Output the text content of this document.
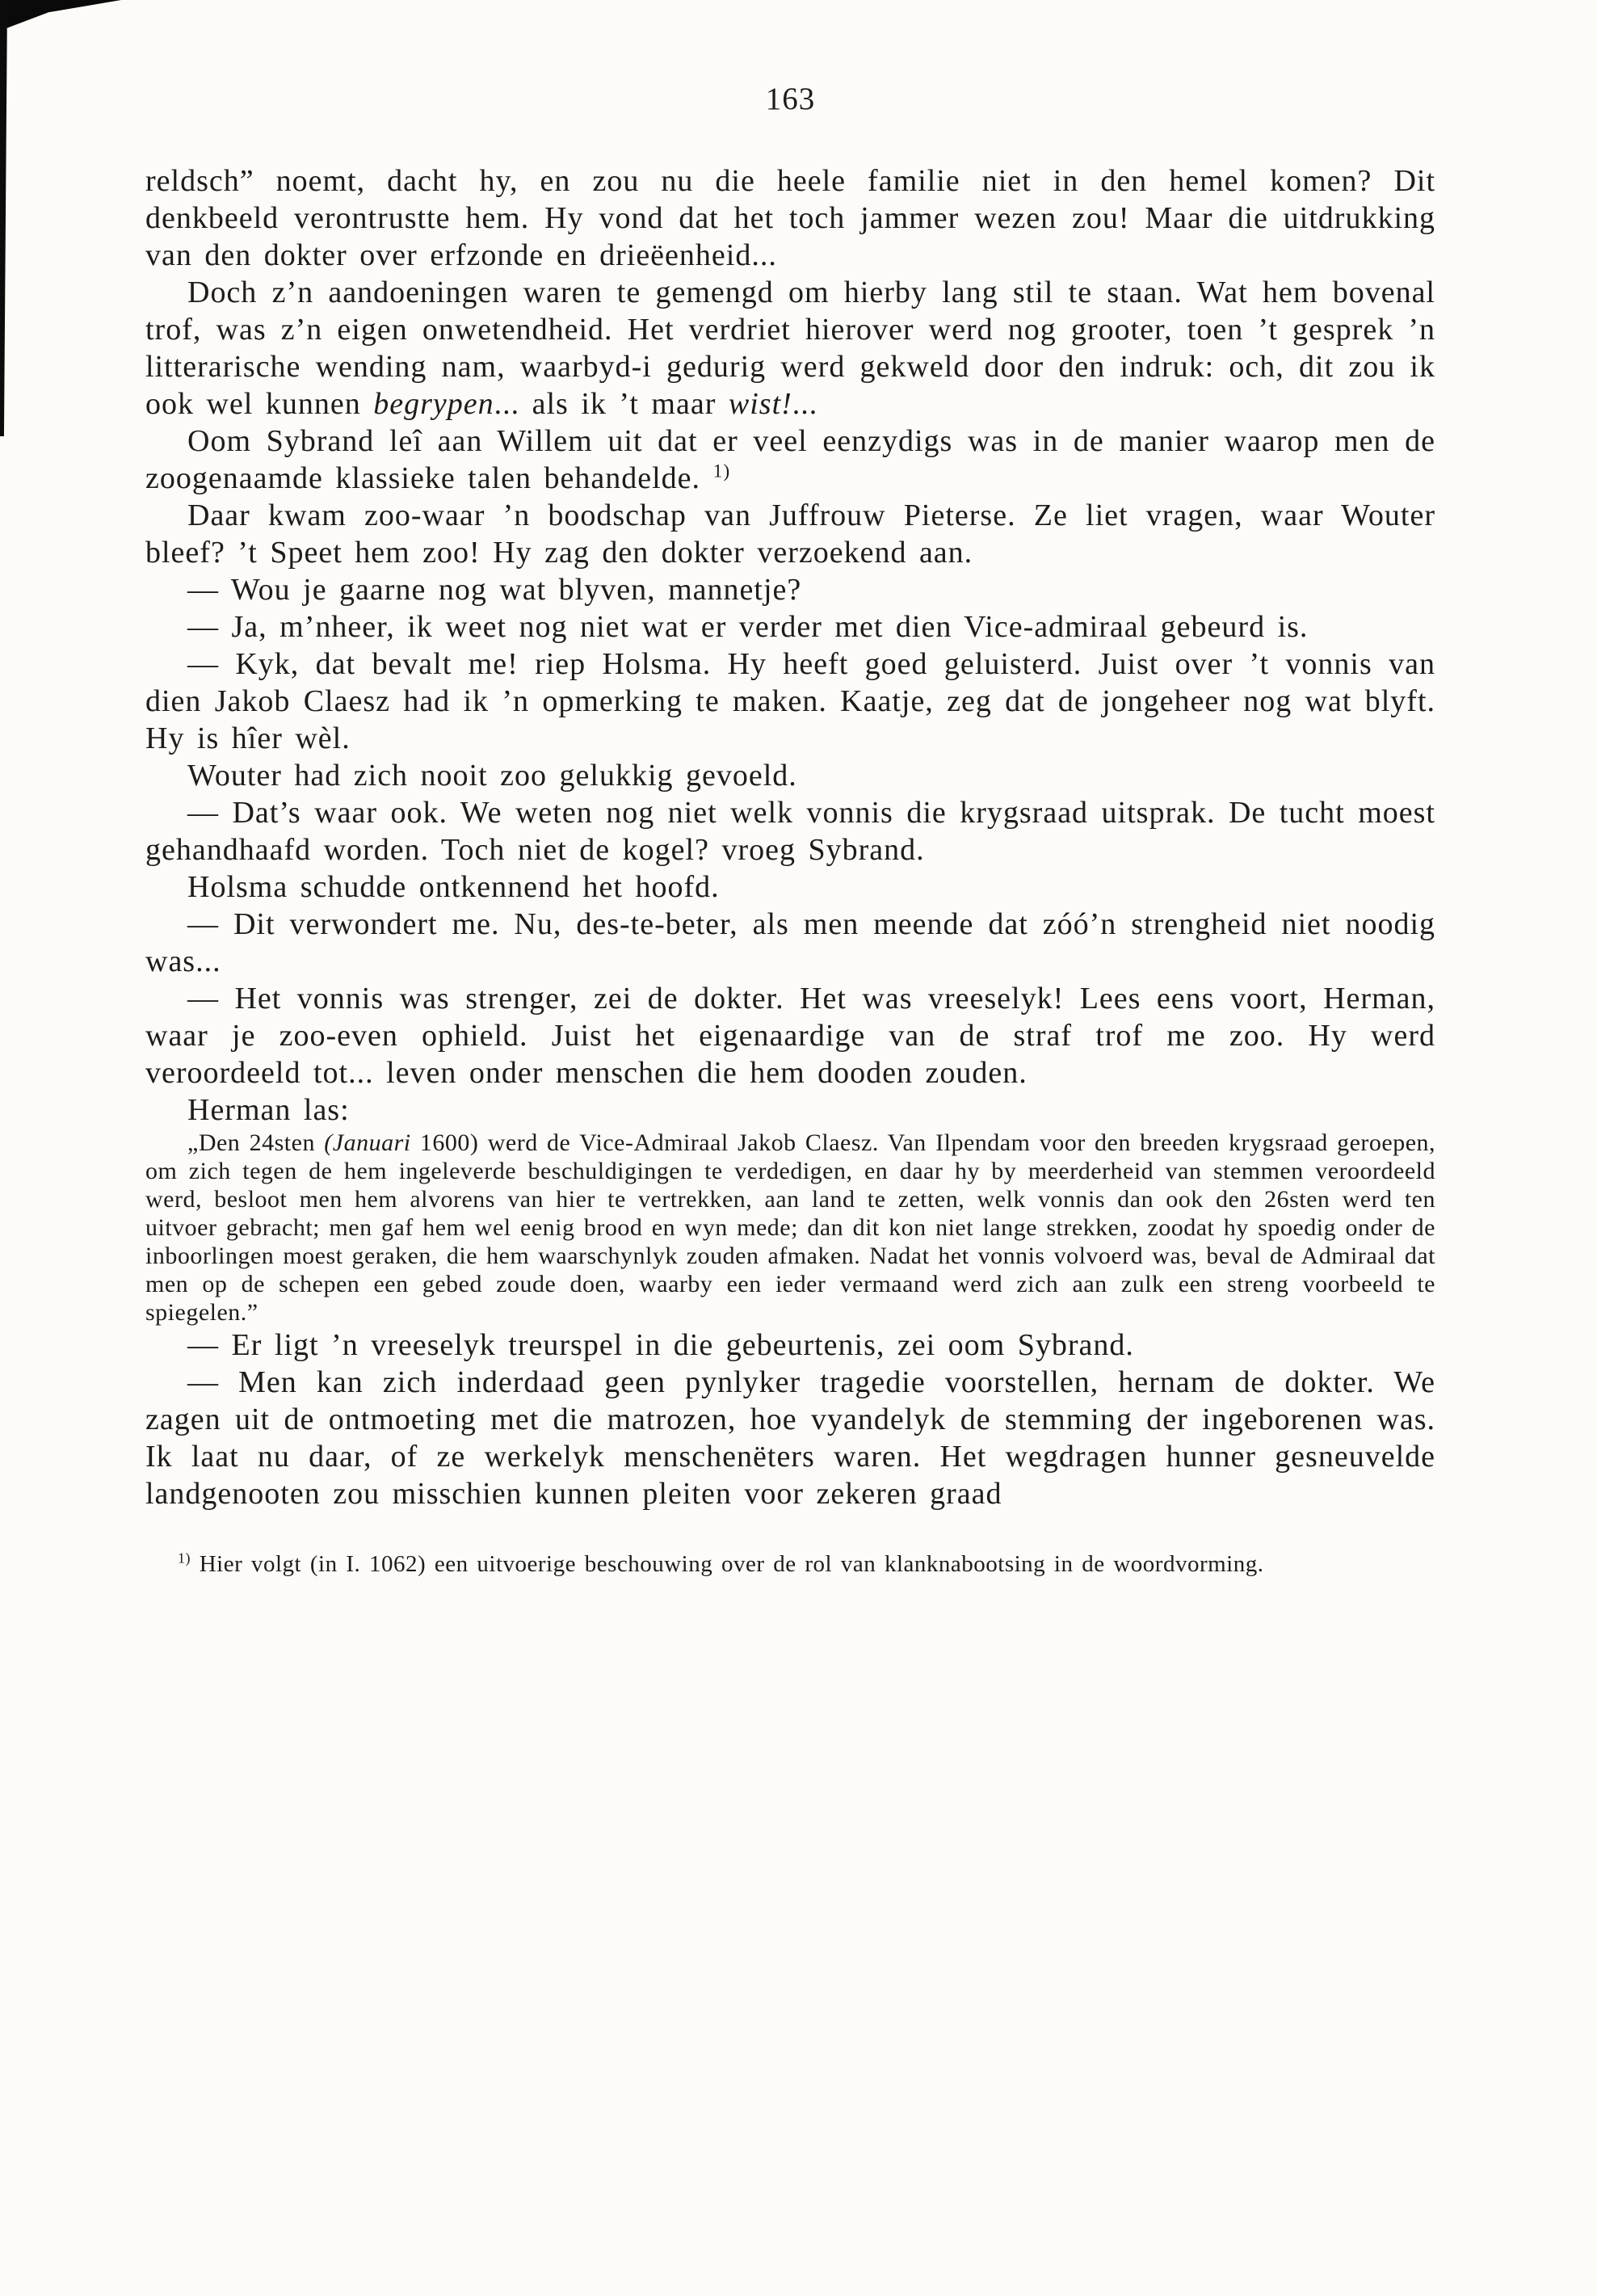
163

reldsch” noemt, dacht hy, en zou nu die heele familie niet in den hemel komen? Dit denkbeeld verontrustte hem. Hy vond dat het toch jammer wezen zou! Maar die uitdrukking van den dokter over erfzonde en drieëenheid...

Doch z’n aandoeningen waren te gemengd om hierby lang stil te staan. Wat hem bovenal trof, was z’n eigen onwetendheid. Het verdriet hierover werd nog grooter, toen ’t gesprek ’n litterarische wending nam, waarbyd-i gedurig werd gekweld door den indruk: och, dit zou ik ook wel kunnen begrypen... als ik ’t maar wist!...

Oom Sybrand leî aan Willem uit dat er veel eenzydigs was in de manier waarop men de zoogenaamde klassieke talen behandelde. $^{1)}$

Daar kwam zoo-waar ’n boodschap van Juffrouw Pieterse. Ze liet vragen, waar Wouter bleef? ’t Speet hem zoo! Hy zag den dokter verzoekend aan.

— Wou je gaarne nog wat blyven, mannetje?

— Ja, m’nheer, ik weet nog niet wat er verder met dien Vice-admiraal gebeurd is.

— Kyk, dat bevalt me! riep Holsma. Hy heeft goed geluisterd. Juist over ’t vonnis van dien Jakob Claesz had ik ’n opmerking te maken. Kaatje, zeg dat de jongeheer nog wat blyft. Hy is hîer wèl.

Wouter had zich nooit zoo gelukkig gevoeld.

— Dat’s waar ook. We weten nog niet welk vonnis die krygsraad uitsprak. De tucht moest gehandhaafd worden. Toch niet de kogel? vroeg Sybrand.

Holsma schudde ontkennend het hoofd.

— Dit verwondert me. Nu, des-te-beter, als men meende dat zóó’n strengheid niet noodig was...

— Het vonnis was strenger, zei de dokter. Het was vreeselyk! Lees eens voort, Herman, waar je zoo-even ophield. Juist het eigenaardige van de straf trof me zoo. Hy werd veroordeeld tot... leven onder menschen die hem dooden zouden.

Herman las:

„Den 24sten (Januari 1600) werd de Vice-Admiraal Jakob Claesz. Van Ilpendam voor den breeden krygsraad geroepen, om zich tegen de hem ingeleverde beschuldigingen te verdedigen, en daar hy by meerderheid van stemmen veroordeeld werd, besloot men hem alvorens van hier te vertrekken, aan land te zetten, welk vonnis dan ook den 26sten werd ten uitvoer gebracht; men gaf hem wel eenig brood en wyn mede; dan dit kon niet lange strekken, zoodat hy spoedig onder de inboorlingen moest geraken, die hem waarschynlyk zouden afmaken. Nadat het vonnis volvoerd was, beval de Admiraal dat men op de schepen een gebed zoude doen, waarby een ieder vermaand werd zich aan zulk een streng voorbeeld te spiegelen.”

— Er ligt ’n vreeselyk treurspel in die gebeurtenis, zei oom Sybrand.

— Men kan zich inderdaad geen pynlyker tragedie voorstellen, hernam de dokter. We zagen uit de ontmoeting met die matrozen, hoe vyandelyk de stemming der ingeborenen was. Ik laat nu daar, of ze werkelyk menschenëters waren. Het wegdragen hunner gesneuvelde landgenooten zou misschien kunnen pleiten voor zekeren graad

$^{1)}$ Hier volgt (in I. 1062) een uitvoerige beschouwing over de rol van klanknabootsing in de woordvorming.
